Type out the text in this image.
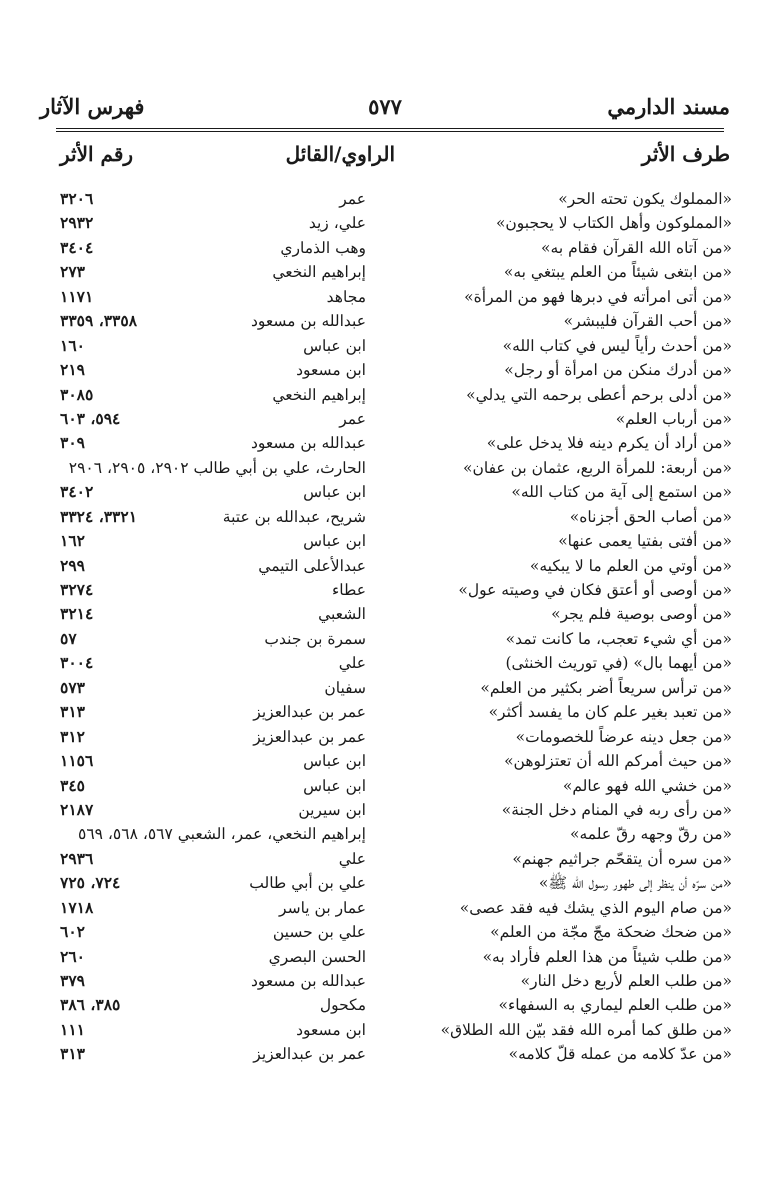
مسند الدارمي
٥٧٧
فهرس الآثار
طرف الأثر
الراوي/القائل
رقم الأثر
«المملوك يكون تحته الحر»
عمر
٣٢٠٦
«المملوكون وأهل الكتاب لا يحجبون»
علي، زيد
٢٩٣٢
«من آتاه الله القرآن فقام به»
وهب الذماري
٣٤٠٤
«من ابتغى شيئاً من العلم يبتغي به»
إبراهيم النخعي
٢٧٣
«من أتى امرأته في دبرها فهو من المرأة»
مجاهد
١١٧١
«من أحب القرآن فليبشر»
عبدالله بن مسعود
٣٣٥٨، ٣٣٥٩
«من أحدث رأياً ليس في كتاب الله»
ابن عباس
١٦٠
«من أدرك منكن من امرأة أو رجل»
ابن مسعود
٢١٩
«من أدلى برحم أعطى برحمه التي يدلي»
إبراهيم النخعي
٣٠٨٥
«من أرباب العلم»
عمر
٥٩٤، ٦٠٣
«من أراد أن يكرم دينه فلا يدخل على»
عبدالله بن مسعود
٣٠٩
«من أربعة: للمرأة الربع، عثمان بن عفان»
الحارث، علي بن أبي طالب ٢٩٠٢، ٢٩٠٥، ٢٩٠٦
«من استمع إلى آية من كتاب الله»
ابن عباس
٣٤٠٢
«من أصاب الحق أجزناه»
شريح، عبدالله بن عتبة
٣٣٢١، ٣٣٢٤
«من أفتى بفتيا يعمى عنها»
ابن عباس
١٦٢
«من أوتي من العلم ما لا يبكيه»
عبدالأعلى التيمي
٢٩٩
«من أوصى أو أعتق فكان في وصيته عول»
عطاء
٣٢٧٤
«من أوصى بوصية فلم يجر»
الشعبي
٣٢١٤
«من أي شيء تعجب، ما كانت تمد»
سمرة بن جندب
٥٧
«من أيهما بال» (في توريث الخنثى)
علي
٣٠٠٤
«من ترأس سريعاً أضر بكثير من العلم»
سفيان
٥٧٣
«من تعبد بغير علم كان ما يفسد أكثر»
عمر بن عبدالعزيز
٣١٣
«من جعل دينه عرضاً للخصومات»
عمر بن عبدالعزيز
٣١٢
«من حيث أمركم الله أن تعتزلوهن»
ابن عباس
١١٥٦
«من خشي الله فهو عالم»
ابن عباس
٣٤٥
«من رأى ربه في المنام دخل الجنة»
ابن سيرين
٢١٨٧
«من رقّ وجهه رقّ علمه»
إبراهيم النخعي، عمر، الشعبي ٥٦٧، ٥٦٨، ٥٦٩
«من سره أن يتقحّم جراثيم جهنم»
علي
٢٩٣٦
«من سرّه أن ينظر إلى طهور رسول الله ﷺ»
علي بن أبي طالب
٧٢٤، ٧٢٥
«من صام اليوم الذي يشك فيه فقد عصى»
عمار بن ياسر
١٧١٨
«من ضحك ضحكة مجّ مجّة من العلم»
علي بن حسين
٦٠٢
«من طلب شيئاً من هذا العلم فأراد به»
الحسن البصري
٢٦٠
«من طلب العلم لأربع دخل النار»
عبدالله بن مسعود
٣٧٩
«من طلب العلم ليماري به السفهاء»
مكحول
٣٨٥، ٣٨٦
«من طلق كما أمره الله فقد بيّن الله الطلاق»
ابن مسعود
١١١
«من عدّ كلامه من عمله قلّ كلامه»
عمر بن عبدالعزيز
٣١٣
